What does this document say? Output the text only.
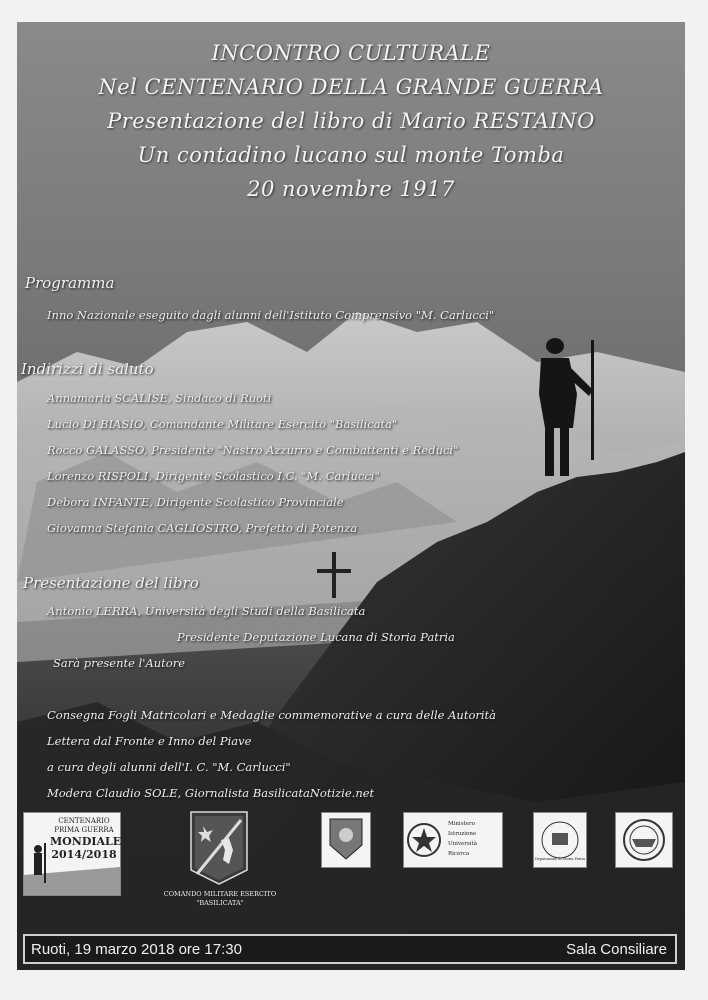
INCONTRO CULTURALE
Nel CENTENARIO DELLA GRANDE GUERRA
Presentazione del libro di Mario RESTAINO
Un contadino lucano sul monte Tomba
20 novembre 1917
Programma
Inno Nazionale eseguito dagli alunni dell'Istituto Comprensivo "M. Carlucci"
Indirizzi di saluto
Annamaria SCALISE, Sindaco di Ruoti
Lucio DI BIASIO, Comandante Militare Esercito "Basilicata"
Rocco GALASSO, Presidente "Nastro Azzurro e Combattenti e Reduci"
Lorenzo RISPOLI, Dirigente Scolastico I.C. "M. Carlucci"
Debora INFANTE, Dirigente Scolastico Provinciale
Giovanna Stefania CAGLIOSTRO, Prefetto di Potenza
Presentazione del libro
Antonio LERRA, Università degli Studi della Basilicata
Presidente Deputazione Lucana di Storia Patria
Sarà presente l'Autore
Consegna Fogli Matricolari e Medaglie commemorative a cura delle Autorità
Lettera dal Fronte e Inno del Piave
a cura degli alunni dell'I. C. "M. Carlucci"
Modera Claudio SOLE, Giornalista BasilicataNotizie.net
CENTENARIO
PRIMA GUERRA
MONDIALE
2014/2018
COMANDO MILITARE ESERCITO
"BASILICATA"
Ministero
Istruzione
Università
Ricerca
Deputazione di Storia Patria
Ruoti, 19 marzo 2018 ore 17:30	Sala Consiliare
